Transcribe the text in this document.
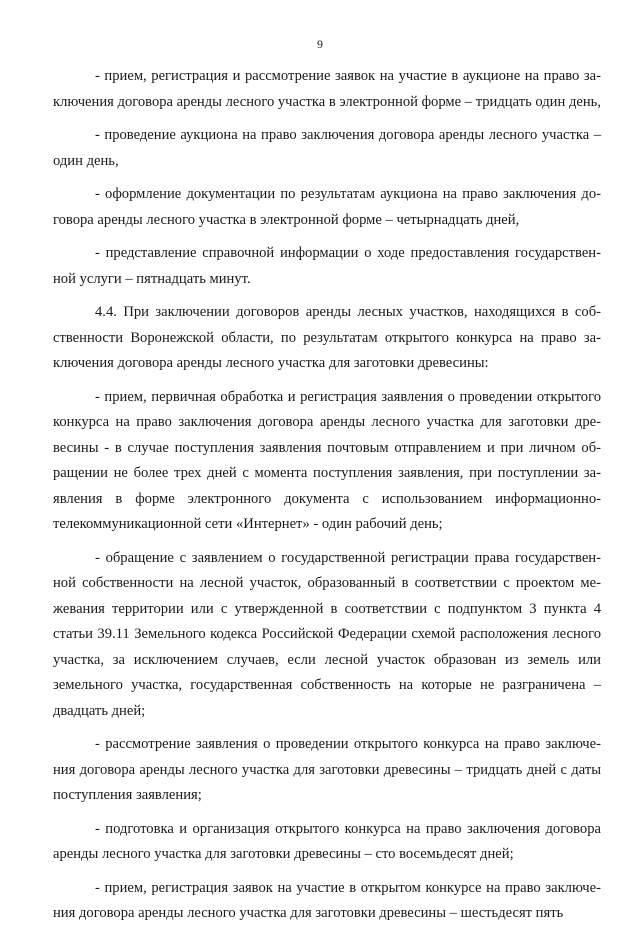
9

- прием, регистрация и рассмотрение заявок на участие в аукционе на право заключения договора аренды лесного участка в электронной форме – тридцать один день,

- проведение аукциона на право заключения договора аренды лесного участка – один день,

- оформление документации по результатам аукциона на право заключения договора аренды лесного участка в электронной форме – четырнадцать дней,

- представление справочной информации о ходе предоставления государственной услуги – пятнадцать минут.

4.4. При заключении договоров аренды лесных участков, находящихся в собственности Воронежской области, по результатам открытого конкурса на право заключения договора аренды лесного участка для заготовки древесины:

- прием, первичная обработка и регистрация заявления о проведении открытого конкурса на право заключения договора аренды лесного участка для заготовки древесины - в случае поступления заявления почтовым отправлением и при личном обращении не более трех дней с момента поступления заявления, при поступлении заявления в форме электронного документа с использованием информационно-телекоммуникационной сети «Интернет» - один рабочий день;

- обращение с заявлением о государственной регистрации права государственной собственности на лесной участок, образованный в соответствии с проектом межевания территории или с утвержденной в соответствии с подпунктом 3 пункта 4 статьи 39.11 Земельного кодекса Российской Федерации схемой расположения лесного участка, за исключением случаев, если лесной участок образован из земель или земельного участка, государственная собственность на которые не разграничена – двадцать дней;

- рассмотрение заявления о проведении открытого конкурса на право заключения договора аренды лесного участка для заготовки древесины – тридцать дней с даты поступления заявления;

- подготовка и организация открытого конкурса на право заключения договора аренды лесного участка для заготовки древесины – сто восемьдесят дней;

- прием, регистрация заявок на участие в открытом конкурсе на право заключения договора аренды лесного участка для заготовки древесины – шестьдесят пять
